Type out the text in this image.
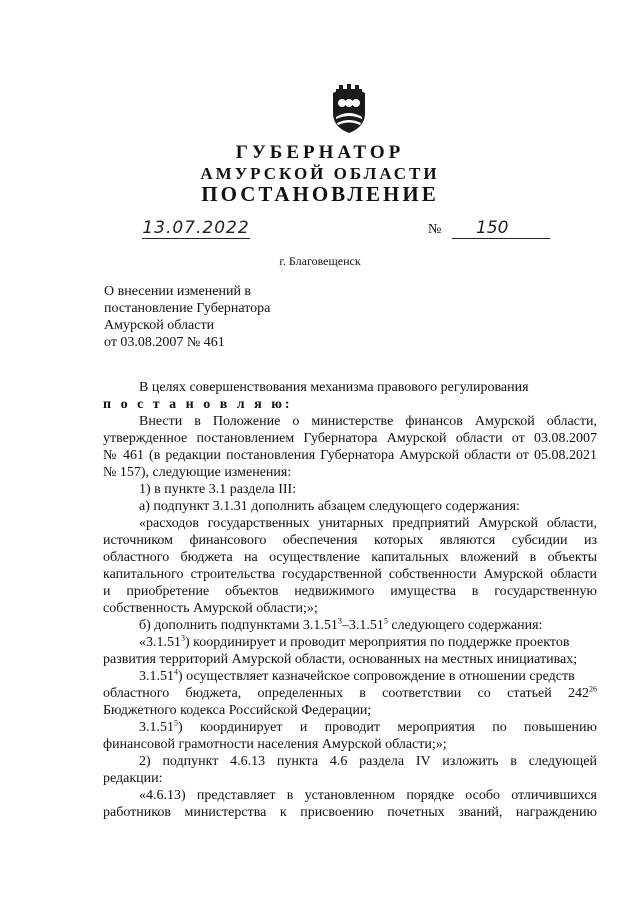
ГУБЕРНАТОР
АМУРСКОЙ ОБЛАСТИ
ПОСТАНОВЛЕНИЕ
13.07.2022	№	150
г. Благовещенск
О внесении изменений в
постановление Губернатора
Амурской области
от 03.08.2007 № 461
В целях совершенствования механизма правового регулирования
п о с т а н о в л я ю:
Внести в Положение о министерстве финансов Амурской области,
утвержденное постановлением Губернатора Амурской области от 03.08.2007
№ 461 (в редакции постановления Губернатора Амурской области от 05.08.2021
№ 157), следующие изменения:
1) в пункте 3.1 раздела III:
а) подпункт 3.1.31 дополнить абзацем следующего содержания:
«расходов государственных унитарных предприятий Амурской области,
источником финансового обеспечения которых являются субсидии из
областного бюджета на осуществление капитальных вложений в объекты
капитального строительства государственной собственности Амурской области
и приобретение объектов недвижимого имущества в государственную
собственность Амурской области;»;
б) дополнить подпунктами 3.1.51$^3$–3.1.51$^5$ следующего содержания:
«3.1.51$^3$) координирует и проводит мероприятия по поддержке проектов
развития территорий Амурской области, основанных на местных инициативах;
3.1.51$^4$) осуществляет казначейское сопровождение в отношении средств
областного бюджета, определенных в соответствии со статьей $242^{26}$
Бюджетного кодекса Российской Федерации;
3.1.51$^5$) координирует и проводит мероприятия по повышению
финансовой грамотности населения Амурской области;»;
2) подпункт 4.6.13 пункта 4.6 раздела IV изложить в следующей
редакции:
«4.6.13) представляет в установленном порядке особо отличившихся
работников министерства к присвоению почетных званий, награждению
